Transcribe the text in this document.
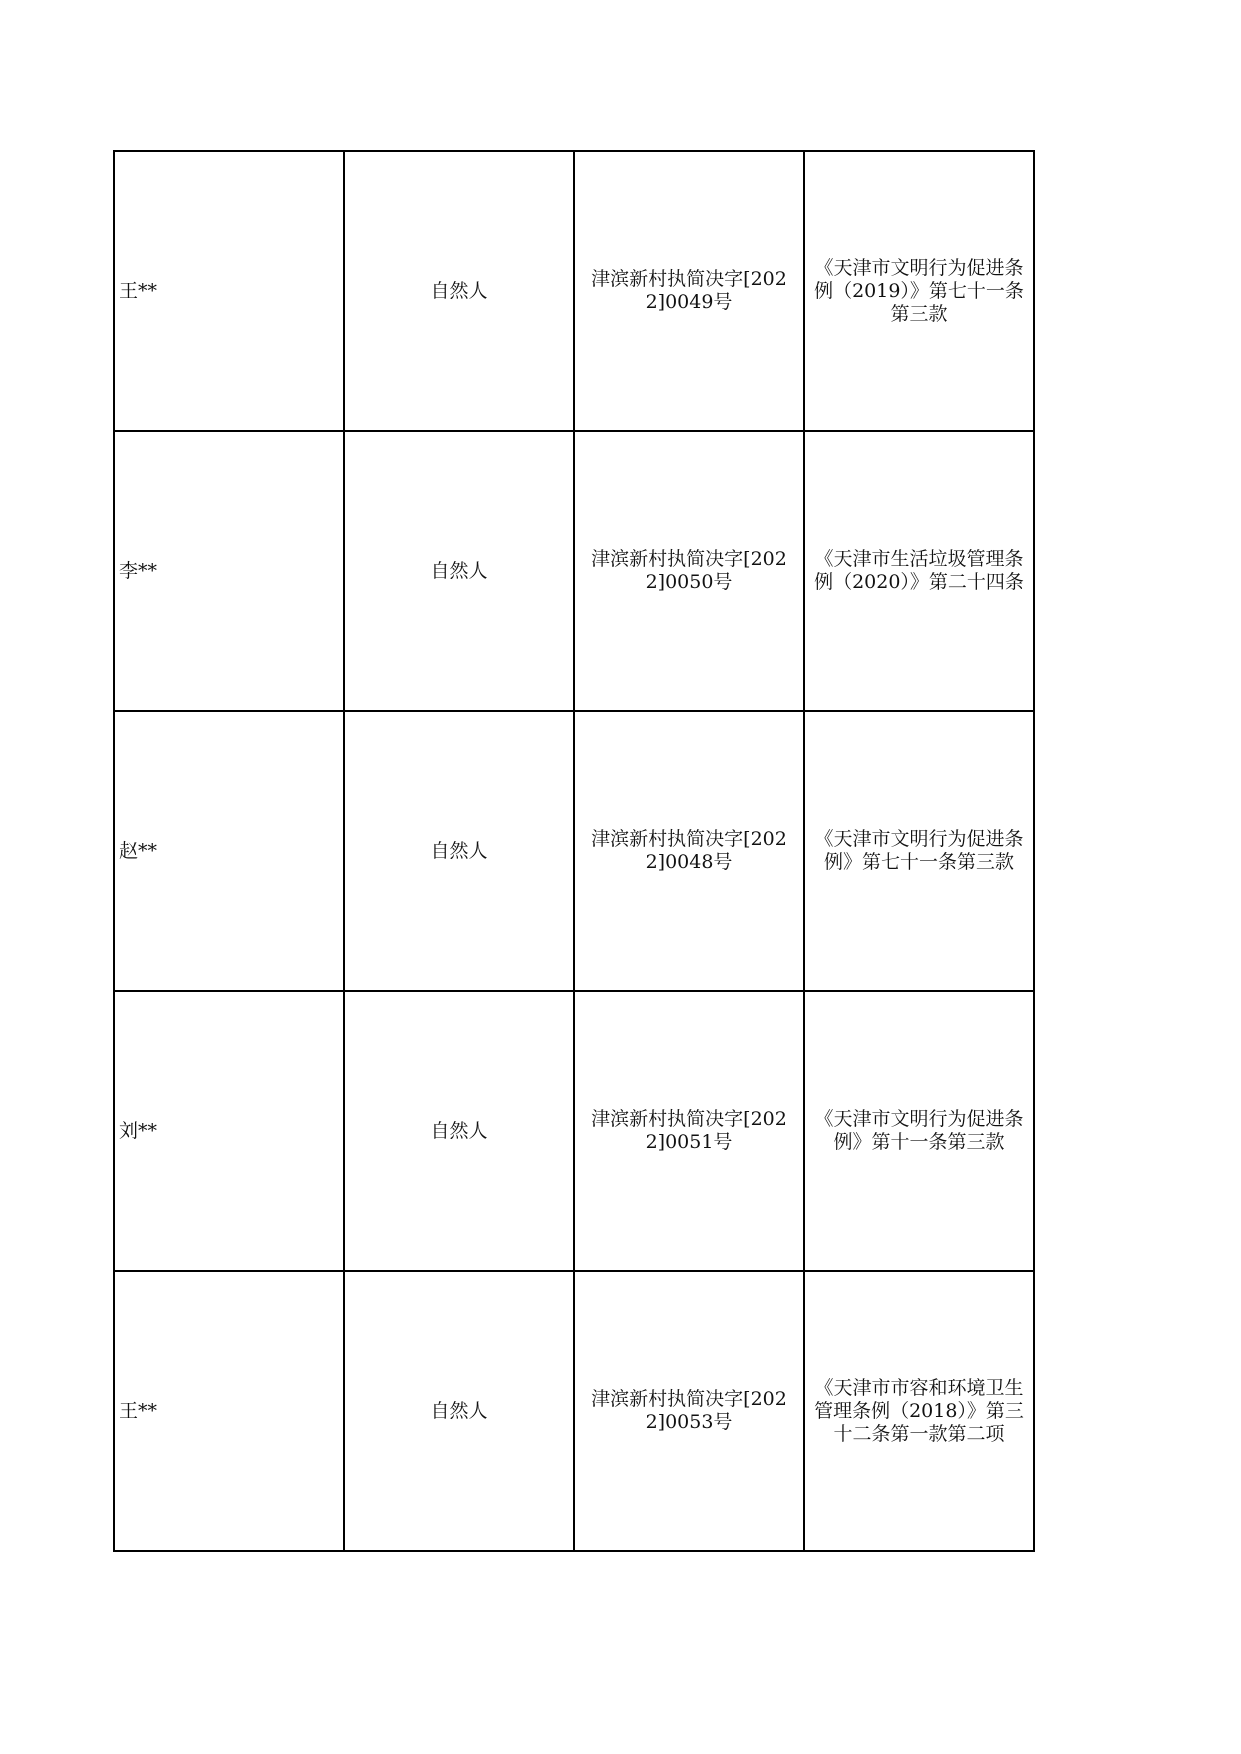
王**	自然人	津滨新村执简决字[2022]0049号	《天津市文明行为促进条例（2019）》第七十一条第三款
李**	自然人	津滨新村执简决字[2022]0050号	《天津市生活垃圾管理条例（2020）》第二十四条
赵**	自然人	津滨新村执简决字[2022]0048号	《天津市文明行为促进条例》第七十一条第三款
刘**	自然人	津滨新村执简决字[2022]0051号	《天津市文明行为促进条例》第十一条第三款
王**	自然人	津滨新村执简决字[2022]0053号	《天津市市容和环境卫生管理条例（2018）》第三十二条第一款第二项
